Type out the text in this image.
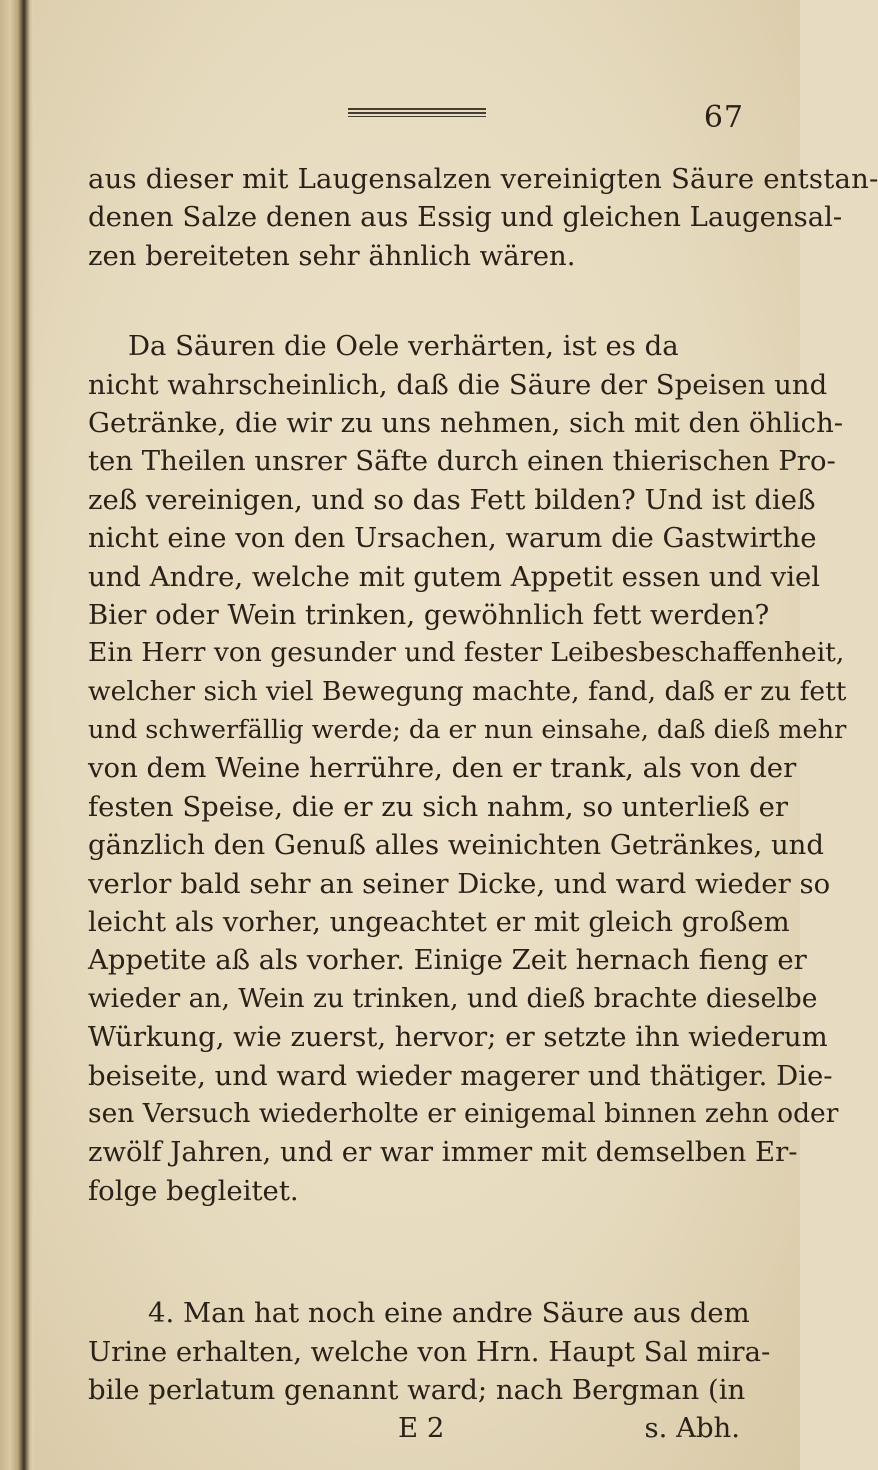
67
aus dieser mit Laugensalzen vereinigten Säure entstan-
denen Salze denen aus Essig und gleichen Laugensal-
zen bereiteten sehr ähnlich wären.
Da Säuren die Oele verhärten, ist es da
nicht wahrscheinlich, daß die Säure der Speisen und
Getränke, die wir zu uns nehmen, sich mit den öhlich-
ten Theilen unsrer Säfte durch einen thierischen Pro-
zeß vereinigen, und so das Fett bilden? Und ist dieß
nicht eine von den Ursachen, warum die Gastwirthe
und Andre, welche mit gutem Appetit essen und viel
Bier oder Wein trinken, gewöhnlich fett werden?
Ein Herr von gesunder und fester Leibesbeschaffenheit,
welcher sich viel Bewegung machte, fand, daß er zu fett
und schwerfällig werde; da er nun einsahe, daß dieß mehr
von dem Weine herrühre, den er trank, als von der
festen Speise, die er zu sich nahm, so unterließ er
gänzlich den Genuß alles weinichten Getränkes, und
verlor bald sehr an seiner Dicke, und ward wieder so
leicht als vorher, ungeachtet er mit gleich großem
Appetite aß als vorher. Einige Zeit hernach fieng er
wieder an, Wein zu trinken, und dieß brachte dieselbe
Würkung, wie zuerst, hervor; er setzte ihn wiederum
beiseite, und ward wieder magerer und thätiger. Die-
sen Versuch wiederholte er einigemal binnen zehn oder
zwölf Jahren, und er war immer mit demselben Er-
folge begleitet.
4. Man hat noch eine andre Säure aus dem
Urine erhalten, welche von Hrn. Haupt Sal mira-
bile perlatum genannt ward; nach Bergman (in
E 2	s. Abh.
